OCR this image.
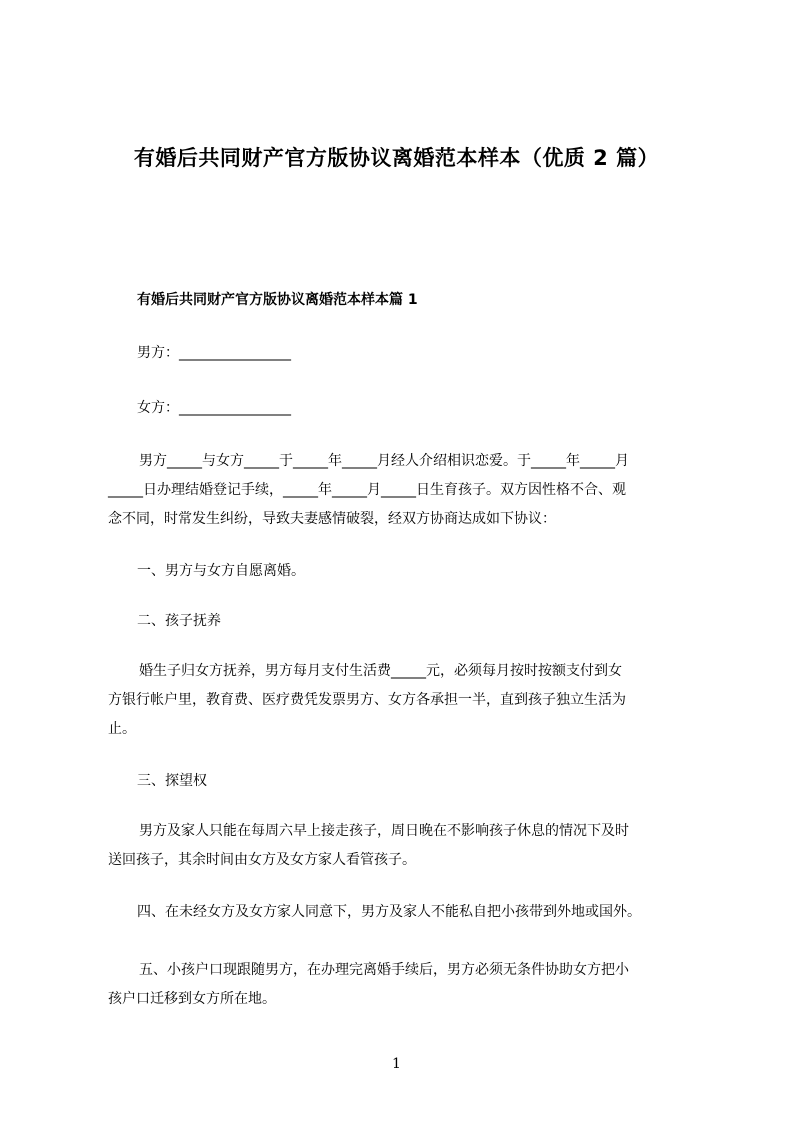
有婚后共同财产官方版协议离婚范本样本（优质 2 篇）
有婚后共同财产官方版协议离婚范本样本篇 1
男方：________________
女方：________________
男方_____与女方_____于_____年_____月经人介绍相识恋爱。于_____年_____月
_____日办理结婚登记手续，_____年_____月_____日生育孩子。双方因性格不合、观
念不同，时常发生纠纷，导致夫妻感情破裂，经双方协商达成如下协议：
一、男方与女方自愿离婚。
二、孩子抚养
婚生子归女方抚养，男方每月支付生活费_____元，必须每月按时按额支付到女
方银行帐户里，教育费、医疗费凭发票男方、女方各承担一半，直到孩子独立生活为
止。
三、探望权
男方及家人只能在每周六早上接走孩子，周日晚在不影响孩子休息的情况下及时
送回孩子，其余时间由女方及女方家人看管孩子。
四、在未经女方及女方家人同意下，男方及家人不能私自把小孩带到外地或国外。
五、小孩户口现跟随男方，在办理完离婚手续后，男方必须无条件协助女方把小
孩户口迁移到女方所在地。
1
